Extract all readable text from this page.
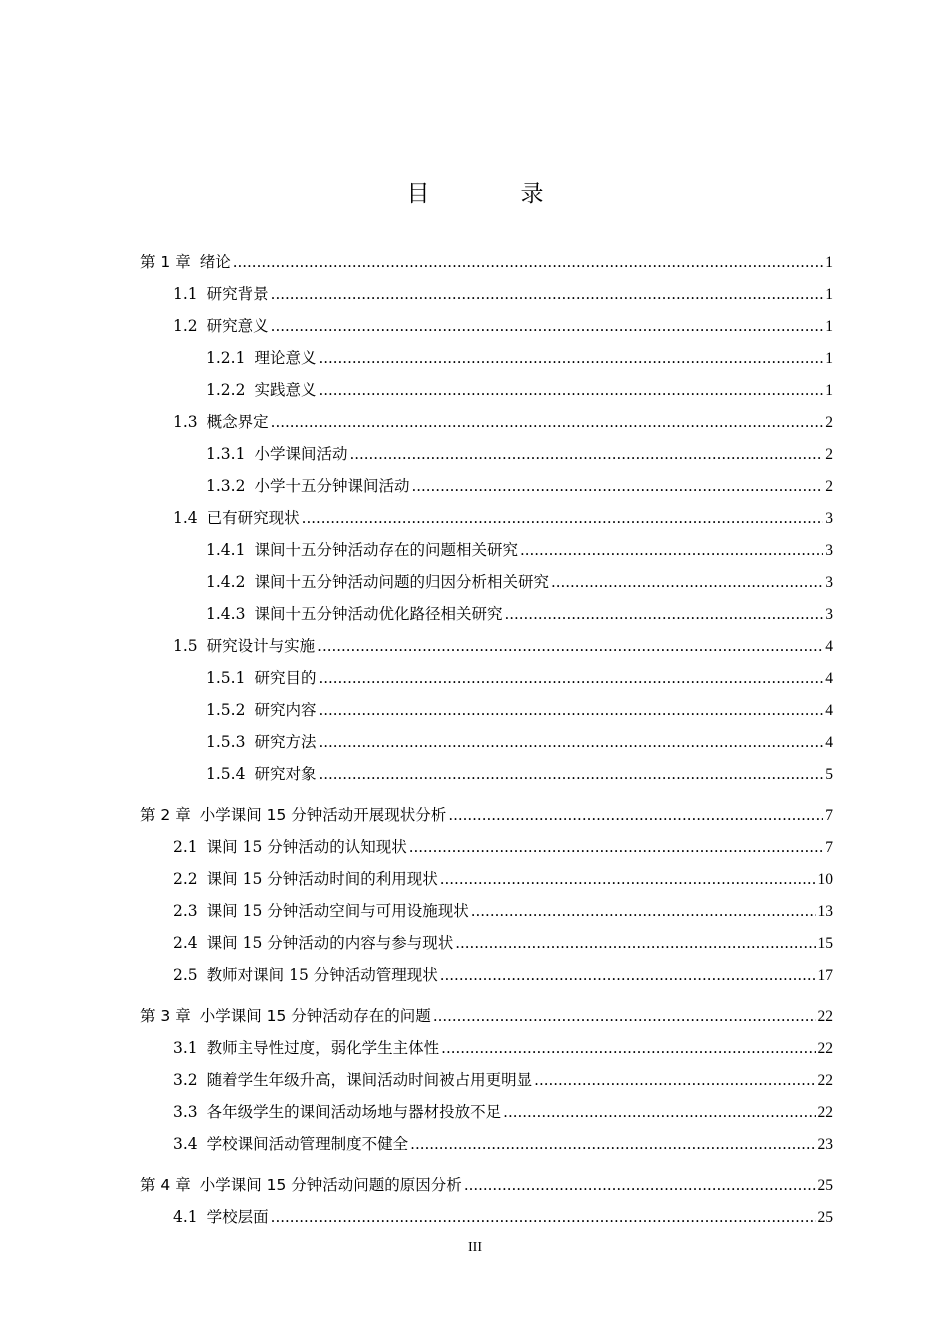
目　录
第 1 章 绪论 .....	1
1.1 研究背景 .....	1
1.2 研究意义 .....	1
1.2.1 理论意义 .....	1
1.2.2 实践意义 .....	1
1.3 概念界定 .....	2
1.3.1 小学课间活动 .....	2
1.3.2 小学十五分钟课间活动 .....	2
1.4 已有研究现状 .....	3
1.4.1 课间十五分钟活动存在的问题相关研究 .....	3
1.4.2 课间十五分钟活动问题的归因分析相关研究 .....	3
1.4.3 课间十五分钟活动优化路径相关研究 .....	3
1.5 研究设计与实施 .....	4
1.5.1 研究目的 .....	4
1.5.2 研究内容 .....	4
1.5.3 研究方法 .....	4
1.5.4 研究对象 .....	5
第 2 章 小学课间 15 分钟活动开展现状分析 .....	7
2.1 课间 15 分钟活动的认知现状 .....	7
2.2 课间 15 分钟活动时间的利用现状 .....	10
2.3 课间 15 分钟活动空间与可用设施现状 .....	13
2.4 课间 15 分钟活动的内容与参与现状 .....	15
2.5 教师对课间 15 分钟活动管理现状 .....	17
第 3 章 小学课间 15 分钟活动存在的问题 .....	22
3.1 教师主导性过度，弱化学生主体性 .....	22
3.2 随着学生年级升高，课间活动时间被占用更明显 .....	22
3.3 各年级学生的课间活动场地与器材投放不足 .....	22
3.4 学校课间活动管理制度不健全 .....	23
第 4 章 小学课间 15 分钟活动问题的原因分析 .....	25
4.1 学校层面 .....	25
III
